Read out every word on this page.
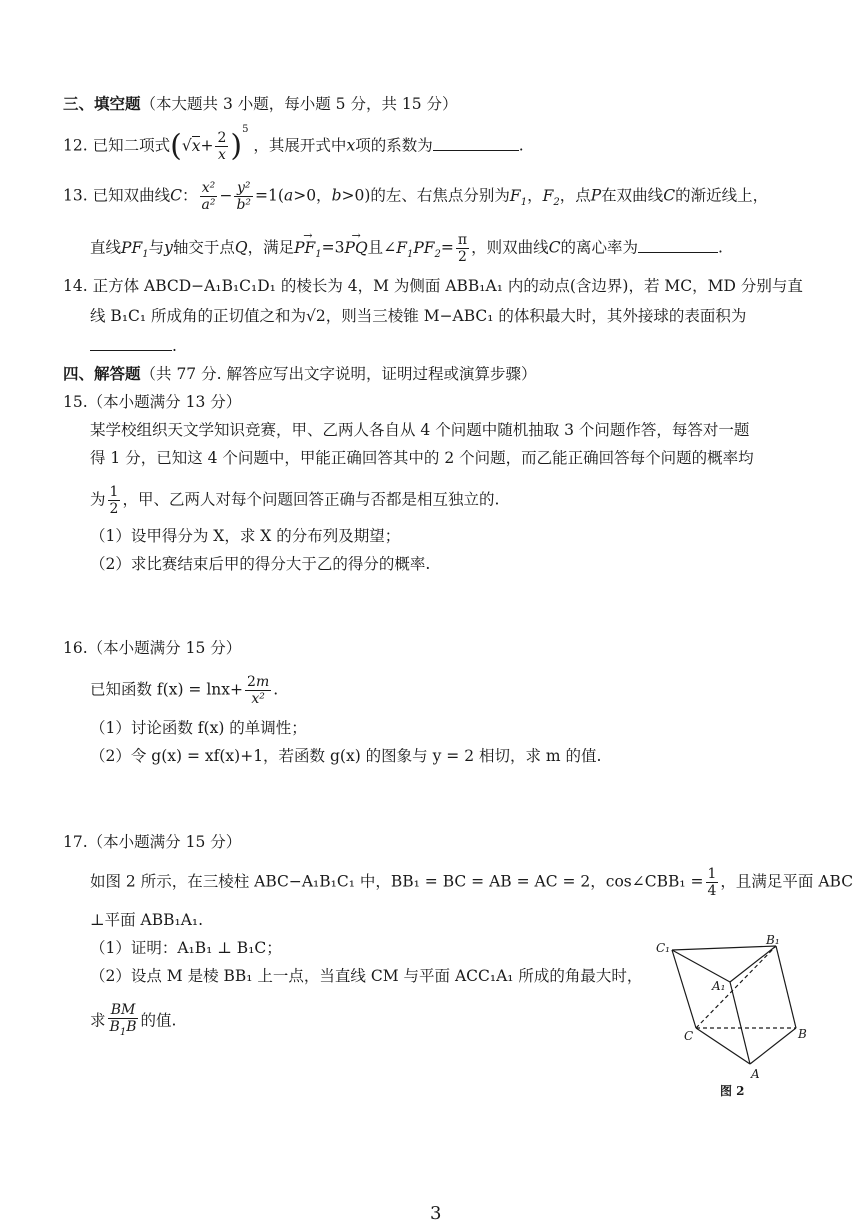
三、填空题（本大题共 3 小题，每小题 5 分，共 15 分）
12. 已知二项式$(√x+ \frac{2}{x} )^5$ ，其展开式中x项的系数为	.
13. 已知双曲线C： $\frac{\text{x²}}{\text{a²}} - \frac{\text{y²}}{\text{b²}} =1(a>0$，b>0)的左、右焦点分别为$F_1$，$F_2$，点P在双曲线C的渐近线上，
直线$PF_1$与y轴交于点Q，满足→ $PF_1=3\to$ PQ且$\angle F_1PF_2= \frac{\pi}{2}$ ，则双曲线C的离心率为	.
14. 正方体 ABCD−A₁B₁C₁D₁ 的棱长为 4，M 为侧面 ABB₁A₁ 内的动点(含边界)，若 MC，MD 分别与直
线 B₁C₁ 所成角的正切值之和为√2，则当三棱锥 M−ABC₁ 的体积最大时，其外接球的表面积为
.
四、解答题（共 77 分. 解答应写出文字说明，证明过程或演算步骤）
15.（本小题满分 13 分）
某学校组织天文学知识竞赛，甲、乙两人各自从 4 个问题中随机抽取 3 个问题作答，每答对一题
得 1 分，已知这 4 个问题中，甲能正确回答其中的 2 个问题，而乙能正确回答每个问题的概率均
为 $\frac{1}{2}$ ，甲、乙两人对每个问题回答正确与否都是相互独立的.
（1）设甲得分为 X，求 X 的分布列及期望；
（2）求比赛结束后甲的得分大于乙的得分的概率.
16.（本小题满分 15 分）
已知函数 $f(x) = \ln x+ \frac{2m}{\text{x²}}$ .
（1）讨论函数 f(x) 的单调性；
（2）令 g(x) = xf(x)+1，若函数 g(x) 的图象与 y = 2 相切，求 m 的值.
17.（本小题满分 15 分）
如图 2 所示，在三棱柱 ABC−A₁B₁C₁ 中，BB₁ = BC = AB = AC = 2，cos∠CBB₁ = $\frac{1}{4}$ ，且满足平面 ABC
⊥平面 ABB₁A₁.
（1）证明：A₁B₁ ⊥ B₁C；
（2）设点 M 是棱 BB₁ 上一点，当直线 CM 与平面 ACC₁A₁ 所成的角最大时，
求 $\frac{BM}{B_1B}$ 的值.
C₁
B₁
A₁
C	B
A
图 2
3
